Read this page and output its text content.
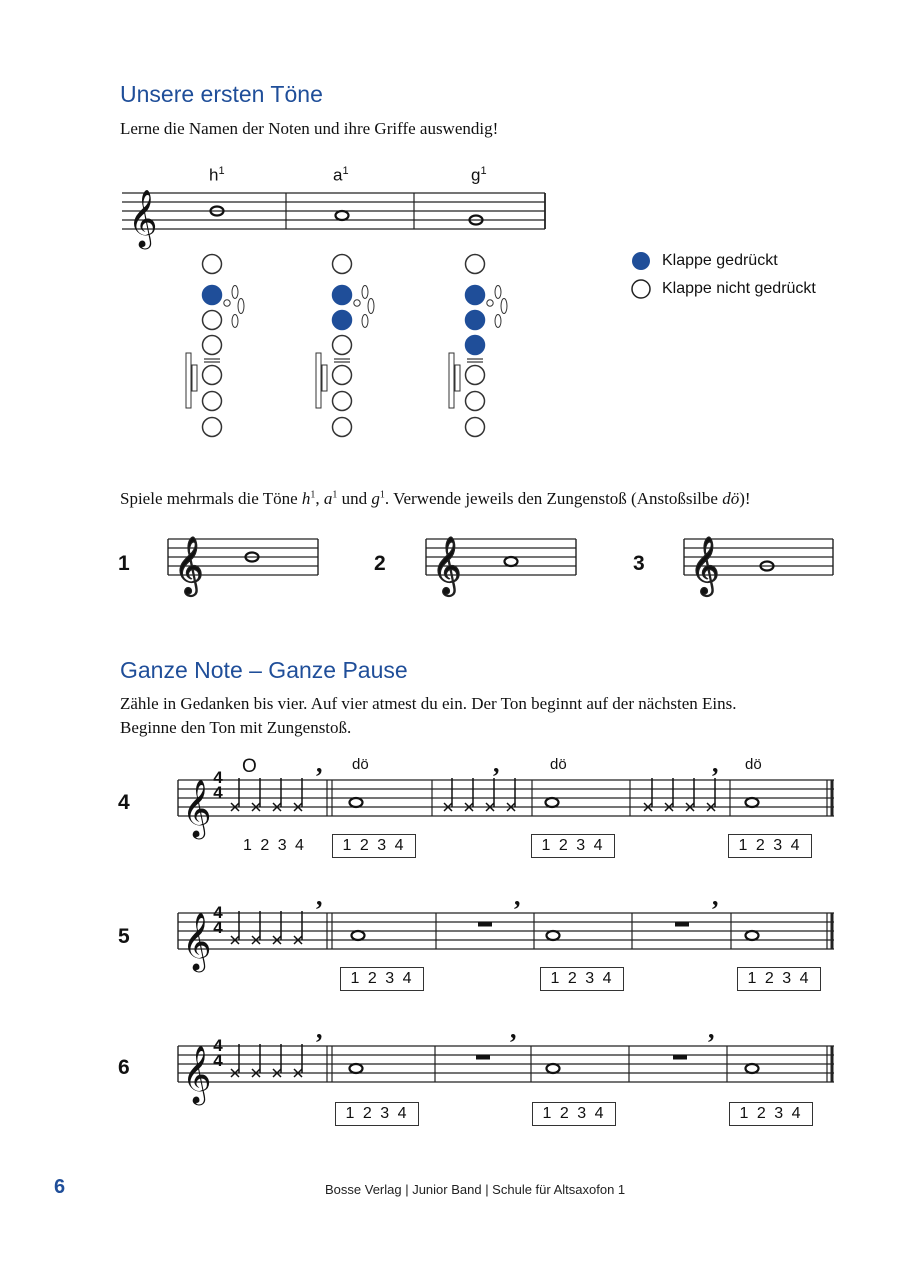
Unsere ersten Töne
Lerne die Namen der Noten und ihre Griffe auswendig!
$h^1$	$a^1$	$g^1$
𝄞
𝄞	𝄞	𝄞
𝄞
,	,	,
𝄞
,	,	,
𝄞
,	,	,
Klappe gedrückt
Klappe nicht gedrückt
Spiele mehrmals die Töne $h^1$, $a^1$ und $g^1$. Verwende jeweils den Zungenstoß (Anstoßsilbe dö)!
1	2	3
Ganze Note – Ganze Pause
Zähle in Gedanken bis vier. Auf vier atmest du ein. Der Ton beginnt auf der nächsten Eins.
Beginne den Ton mit Zungenstoß.
4
5
6
O	dö	dö	dö
1 2 3 4	1 2 3 4	1 2 3 4	1 2 3 4
1 2 3 4	1 2 3 4	1 2 3 4
1 2 3 4	1 2 3 4	1 2 3 4
4
4
4
4
4
4
6	Bosse Verlag | Junior Band | Schule für Altsaxofon 1
